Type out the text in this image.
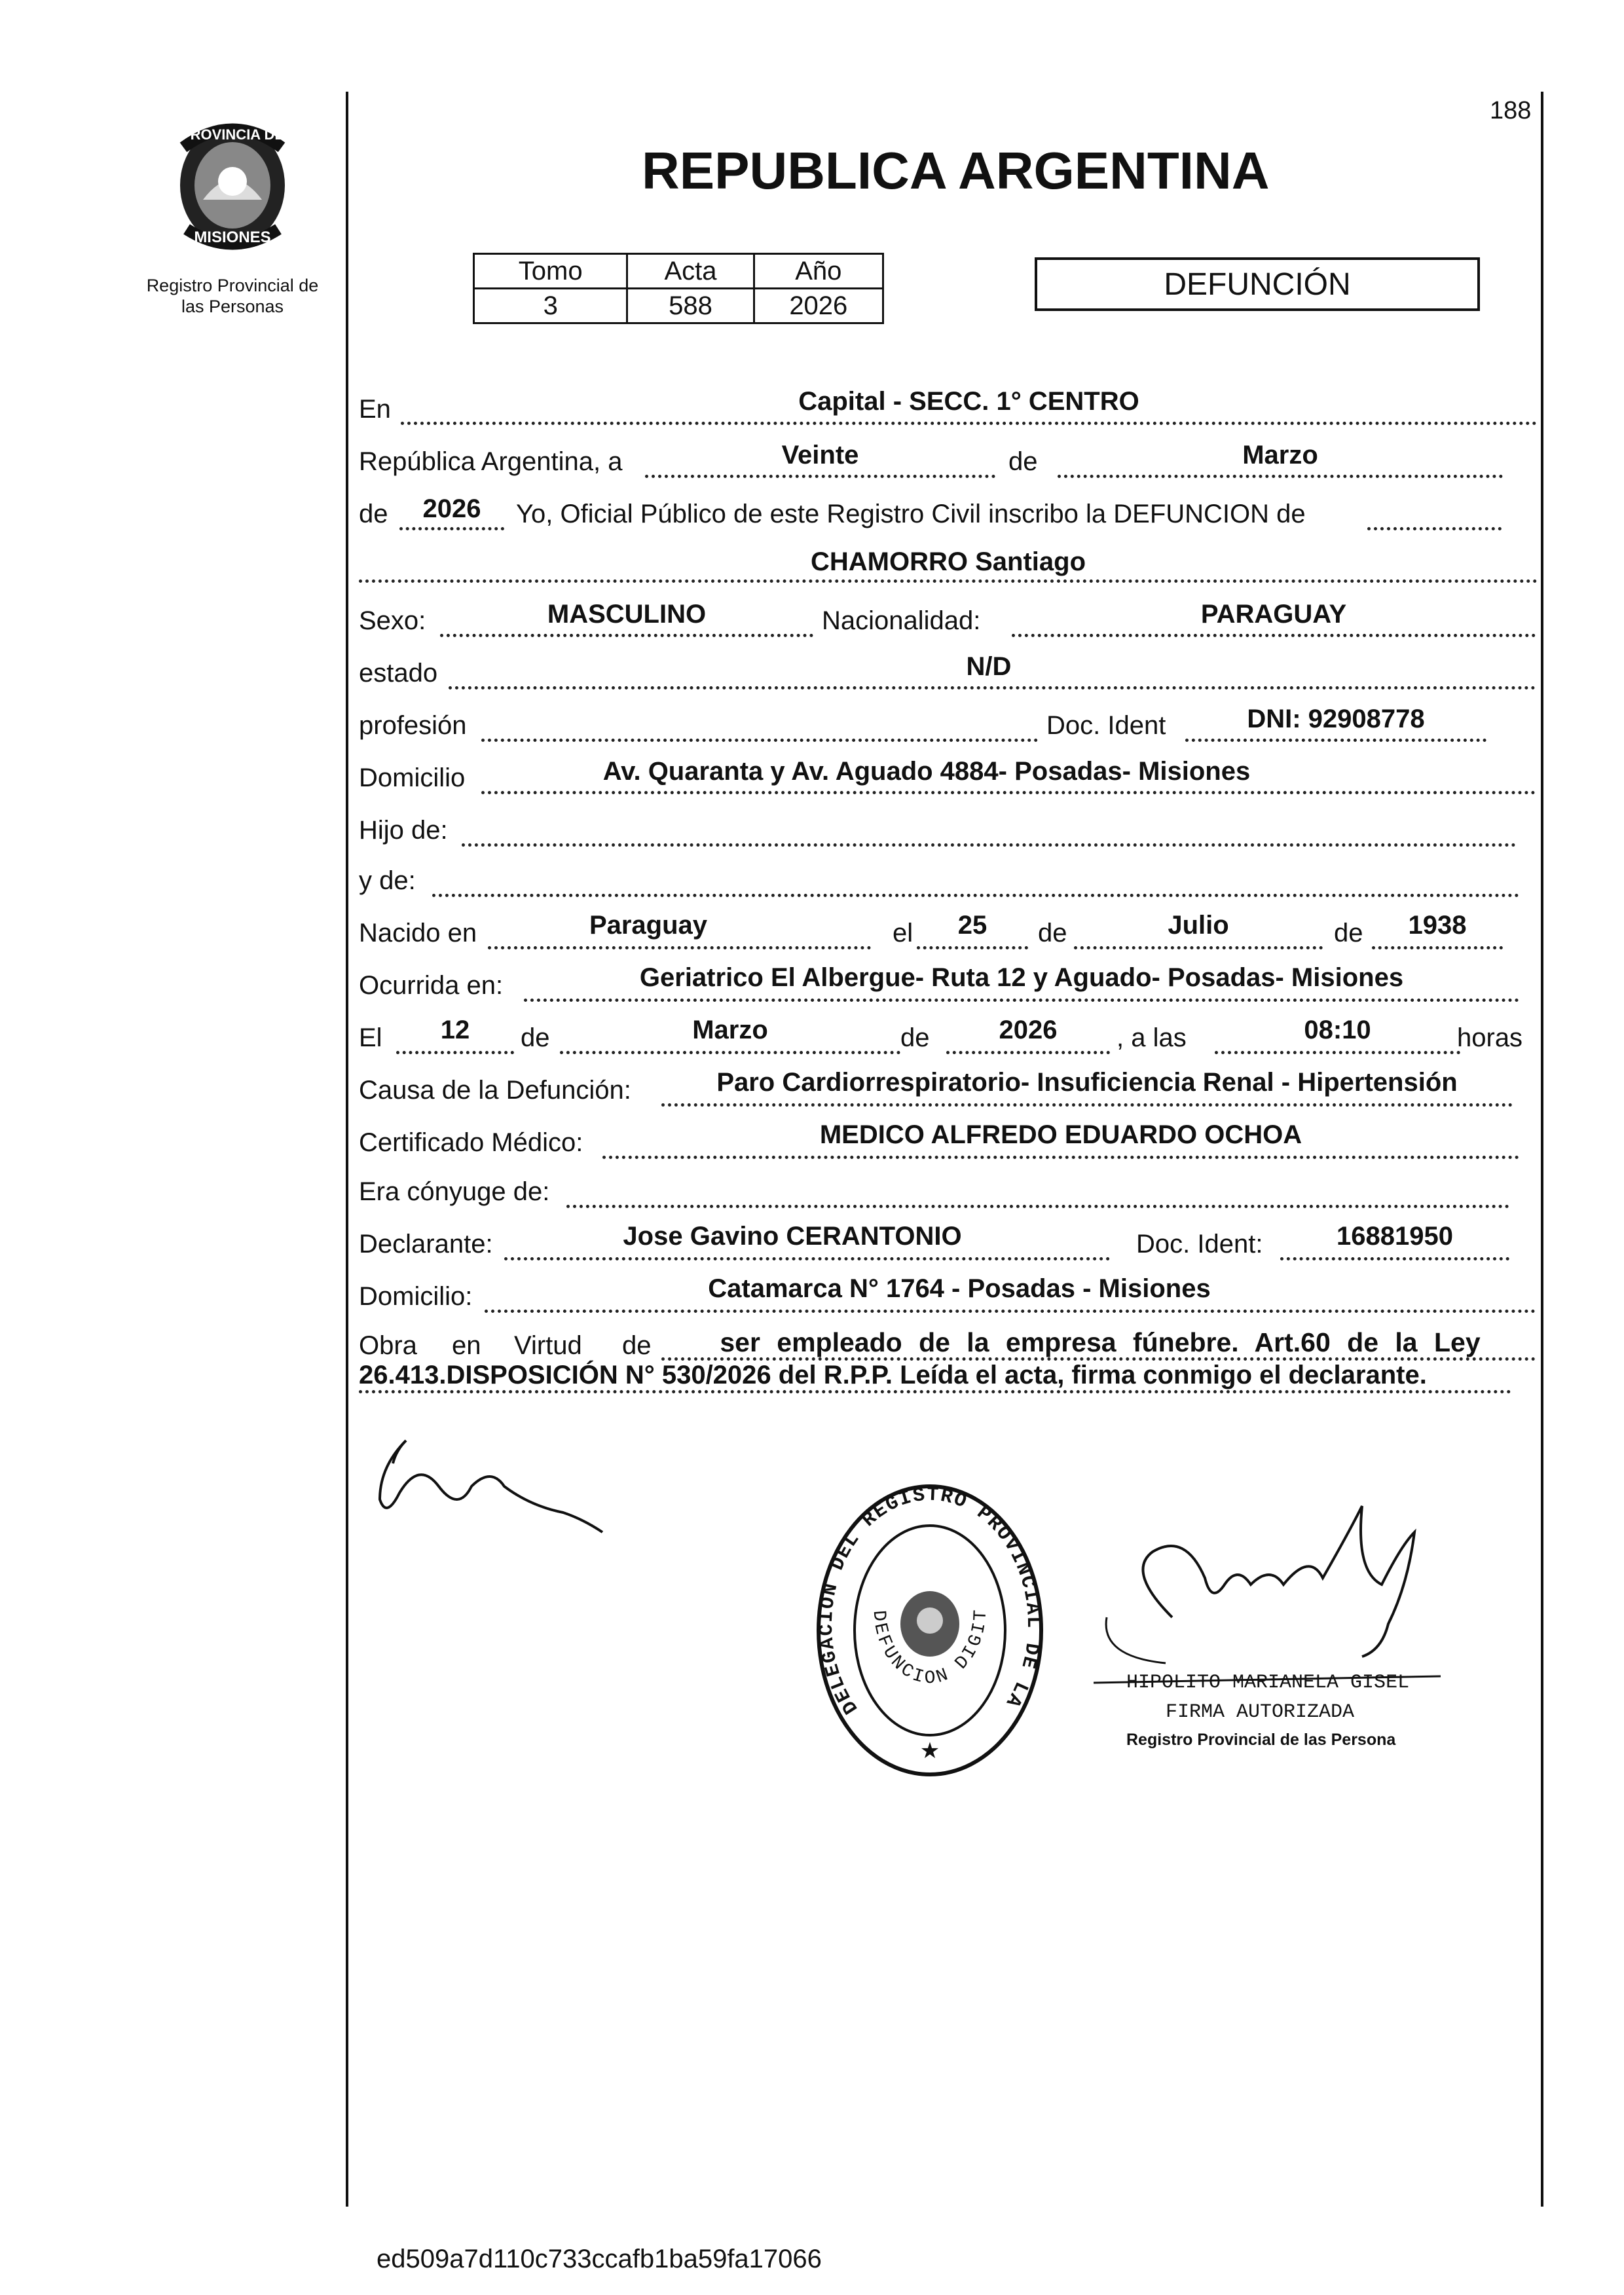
PROVINCIA DE
MISIONES
Registro Provincial de
las Personas
188
REPUBLICA ARGENTINA
Tomo	Acta	Año
3	588	2026
DEFUNCIÓN
En	Capital - SECC. 1° CENTRO
República Argentina, a	Veinte	de	Marzo
de	2026	Yo, Oficial Público de este Registro Civil inscribo la DEFUNCION de
CHAMORRO Santiago
Sexo:	MASCULINO	Nacionalidad:	PARAGUAY
estado	N/D
profesión	Doc. Ident	DNI: 92908778
Domicilio	Av. Quaranta y Av. Aguado 4884- Posadas- Misiones
Hijo de:
y de:
Nacido en	Paraguay	el	25	de	Julio	de	1938
Ocurrida en:	Geriatrico El Albergue- Ruta 12 y Aguado- Posadas- Misiones
El	12	de	Marzo	de	2026	, a las	08:10	horas
Causa de la Defunción:	Paro Cardiorrespiratorio- Insuficiencia Renal - Hipertensión
Certificado Médico:	MEDICO ALFREDO EDUARDO OCHOA
Era cónyuge de:
Declarante:	Jose Gavino CERANTONIO	Doc. Ident:	16881950
Domicilio:	Catamarca N° 1764 - Posadas - Misiones
Obra en Virtud de	ser empleado de la empresa fúnebre. Art.60 de la Ley
26.413.DISPOSICIÓN N° 530/2026 del R.P.P. Leída el acta, firma conmigo el declarante.
DELEGACION DEL REGISTRO PROVINCIAL DE LA
DEFUNCION DIGIT
★
HIPOLITO MARIANELA GISEL
FIRMA AUTORIZADA
Registro Provincial de las Persona
ed509a7d110c733ccafb1ba59fa17066
